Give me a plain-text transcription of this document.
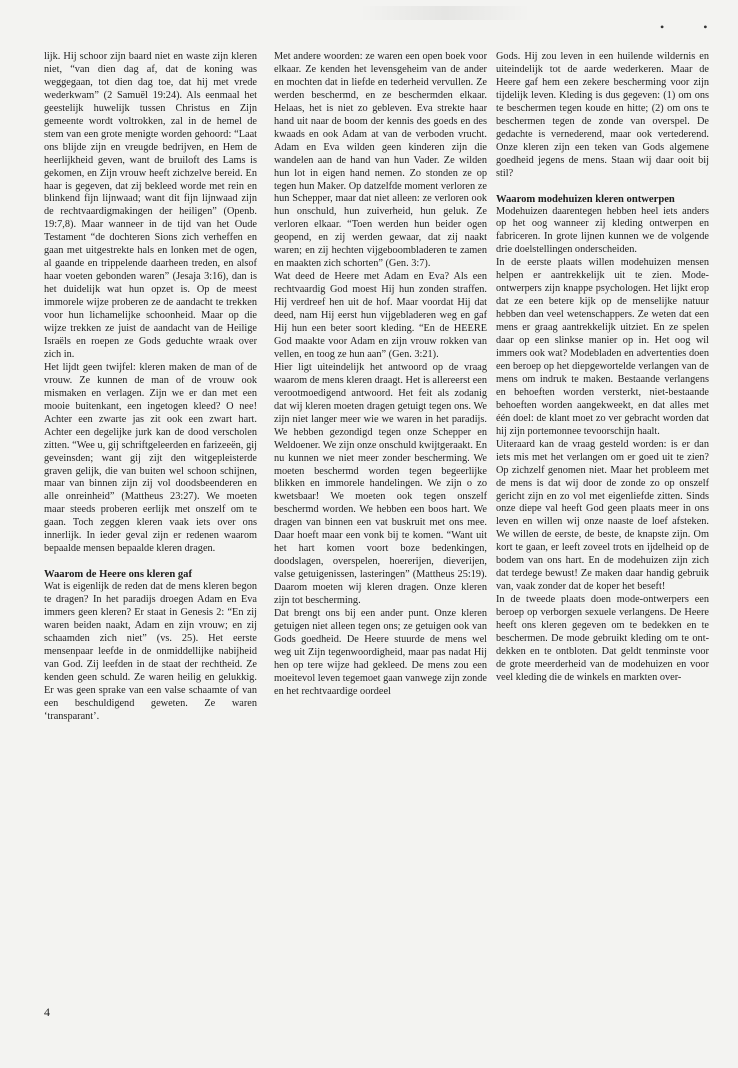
• •

lijk. Hij schoor zijn baard niet en waste zijn kleren niet, “van dien dag af, dat de koning was weggegaan, tot dien dag toe, dat hij met vrede wederkwam” (2 Samuël 19:24). Als eenmaal het geestelijk huwelijk tussen Christus en Zijn gemeente wordt voltrokken, zal in de hemel de stem van een grote menigte worden gehoord: “Laat ons blijde zijn en vreugde bedrijven, en Hem de heerlijkheid geven, want de bruiloft des Lams is gekomen, en Zijn vrouw heeft zichzelve bereid. En haar is gegeven, dat zij bekleed worde met rein en blinkend fijn lijnwaad; want dit fijn lijnwaad zijn de rechtvaardigmakingen der heiligen” (Openb. 19:7,8). Maar wanneer in de tijd van het Oude Testament “de dochteren Sions zich verheffen en gaan met uitgestrekte hals en lonken met de ogen, al gaande en trippelende daarheen treden, en alsof haar voeten gebonden waren” (Jesaja 3:16), dan is het duidelijk wat hun opzet is. Op de meest immorele wijze proberen ze de aandacht te trekken voor hun lichamelijke schoonheid. Maar op die wijze trekken ze juist de aandacht van de Heilige Israëls en roepen ze Gods geduchte wraak over zich in.

Het lijdt geen twijfel: kleren maken de man of de vrouw. Ze kunnen de man of de vrouw ook mismaken en verlagen. Zijn we er dan met een mooie buitenkant, een ingetogen kleed? O nee! Achter een zwarte jas zit ook een zwart hart. Achter een degelijke jurk kan de dood verscholen zitten. “Wee u, gij schriftgeleerden en farizeeën, gij geveinsden; want gij zijt den witgepleisterde graven gelijk, die van buiten wel schoon schijnen, maar van binnen zijn zij vol doodsbeenderen en alle onreinheid” (Mattheus 23:27). We moeten maar steeds proberen eerlijk met onszelf om te gaan. Toch zeggen kleren vaak iets over ons innerlijk. In ieder geval zijn er redenen waarom bepaalde mensen bepaalde kleren dragen.

Waarom de Heere ons kleren gaf

Wat is eigenlijk de reden dat de mens kleren begon te dragen? In het paradijs droegen Adam en Eva immers geen kleren? Er staat in Genesis 2: “En zij waren beiden naakt, Adam en zijn vrouw; en zij schaamden zich niet” (vs. 25). Het eerste mensenpaar leefde in de onmiddellijke nabijheid van God. Zij leefden in de staat der rechtheid. Ze kenden geen schuld. Ze waren heilig en gelukkig. Er was geen sprake van een valse schaamte of van een beschuldigend geweten. Ze waren ‘transparant’.

Met andere woorden: ze waren een open boek voor elkaar. Ze kenden het levensgeheim van de ander en mochten dat in liefde en tederheid vervullen. Ze werden beschermd, en ze beschermden elkaar. Helaas, het is niet zo gebleven. Eva strekte haar hand uit naar de boom der kennis des goeds en des kwaads en ook Adam at van de verboden vrucht. Adam en Eva wilden geen kinderen zijn die wandelen aan de hand van hun Vader. Ze wilden hun lot in eigen hand nemen. Zo stonden ze op tegen hun Maker. Op datzelfde moment verloren ze hun Schepper, maar dat niet alleen: ze verloren ook hun onschuld, hun zuiverheid, hun geluk. Ze verloren elkaar. “Toen werden hun beider ogen geopend, en zij werden gewaar, dat zij naakt waren; en zij hechten vijgeboombladeren te zamen en maakten zich schorten” (Gen. 3:7).

Wat deed de Heere met Adam en Eva? Als een rechtvaardig God moest Hij hun zonden straffen. Hij verdreef hen uit de hof. Maar voordat Hij dat deed, nam Hij eerst hun vijgebladeren weg en gaf Hij hun een beter soort kleding. “En de HEERE God maakte voor Adam en zijn vrouw rokken van vellen, en toog ze hun aan” (Gen. 3:21).

Hier ligt uiteindelijk het antwoord op de vraag waarom de mens kleren draagt. Het is allereerst een verootmoedigend antwoord. Het feit als zodanig dat wij kleren moeten dragen getuigt tegen ons. We zijn niet langer meer wie we waren in het paradijs. We hebben gezondigd tegen onze Schepper en Weldoener. We zijn onze onschuld kwijtgeraakt. En nu kunnen we niet meer zonder bescherming. We moeten beschermd worden tegen begeerlijke blikken en immorele handelingen. We zijn o zo kwetsbaar! We moeten ook tegen onszelf beschermd worden. We hebben een boos hart. We dragen van binnen een vat buskruit met ons mee. Daar hoeft maar een vonk bij te komen. “Want uit het hart komen voort boze bedenkingen, doodslagen, overspelen, hoererijen, dieverijen, valse getuigenissen, lasteringen” (Mattheus 25:19). Daarom moeten wij kleren dragen. Onze kleren zijn tot bescherming.

Dat brengt ons bij een ander punt. Onze kleren getuigen niet alleen tegen ons; ze getuigen ook van Gods goedheid. De Heere stuurde de mens wel weg uit Zijn tegenwoordigheid, maar pas nadat Hij hen op tere wijze had gekleed. De mens zou een moeitevol leven tegemoet gaan vanwege zijn zonde en het rechtvaardige oordeel

Gods. Hij zou leven in een huilende wildernis en uiteindelijk tot de aarde wederkeren. Maar de Heere gaf hem een zekere bescherming voor zijn tijdelijk leven. Kleding is dus gegeven: (1) om ons te beschermen tegen koude en hitte; (2) om ons te beschermen tegen de zonde van overspel. De gedachte is vernederend, maar ook vertederend. Onze kleren zijn een teken van Gods algemene goedheid jegens de mens. Staan wij daar ooit bij stil?

Waarom modehuizen kleren ontwerpen

Modehuizen daarentegen hebben heel iets anders op het oog wanneer zij kleding ontwerpen en fabriceren. In grote lijnen kunnen we de volgende drie doelstellingen onderscheiden.

In de eerste plaats willen modehuizen mensen helpen er aantrekkelijk uit te zien. Mode-ontwerpers zijn knappe psychologen. Het lijkt erop dat ze een betere kijk op de menselijke natuur hebben dan veel wetenschappers. Ze weten dat een mens er graag aantrekkelijk uitziet. En ze spelen daar op een slinkse manier op in. Het oog wil immers ook wat? Modebladen en advertenties doen een beroep op het diepgewortelde verlangen van de mens om indruk te maken. Bestaande verlangens en behoeften worden versterkt, niet-bestaande behoeften worden aangekweekt, en dat alles met één doel: de klant moet zo ver gebracht worden dat hij zijn portemonnee tevoorschijn haalt.

Uiteraard kan de vraag gesteld worden: is er dan iets mis met het verlangen om er goed uit te zien? Op zichzelf genomen niet. Maar het probleem met de mens is dat wij door de zonde zo op onszelf gericht zijn en zo vol met eigenliefde zitten. Sinds onze diepe val heeft God geen plaats meer in ons leven en willen wij onze naaste de loef afsteken. We willen de eerste, de beste, de knapste zijn. Om kort te gaan, er leeft zoveel trots en ijdelheid op de bodem van ons hart. En de modehuizen zijn zich dat terdege bewust! Ze maken daar handig gebruik van, vaak zonder dat de koper het beseft!

In de tweede plaats doen mode-ontwerpers een beroep op verborgen sexuele verlangens. De Heere heeft ons kleren gegeven om te bedekken en te beschermen. De mode gebruikt kleding om te ont-dekken en te ontbloten. Dat geldt tenminste voor de grote meerderheid van de modehuizen en voor veel kleding die de winkels en markten over-

4
